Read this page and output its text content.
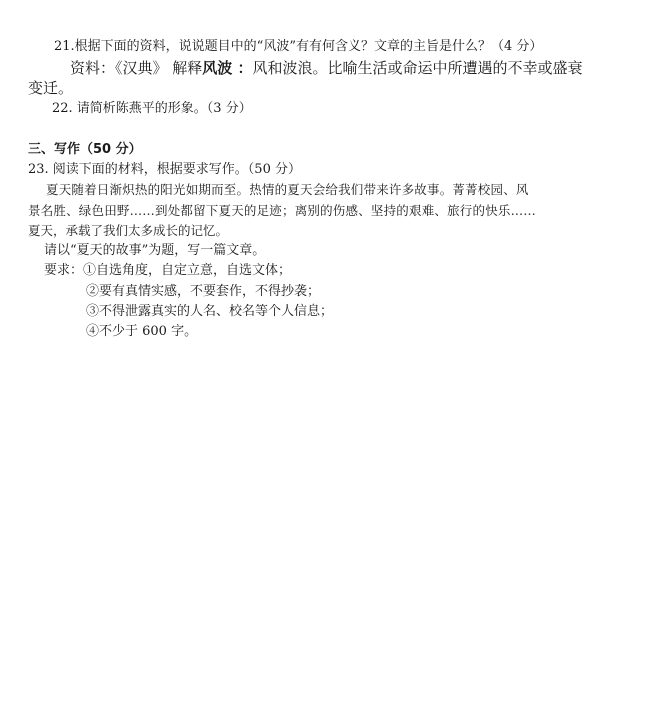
21.根据下面的资料，说说题目中的“风波”有有何含义？文章的主旨是什么？（4 分）
资料：《汉典》 解释风波 ：风和波浪。比喻生活或命运中所遭遇的不幸或盛衰
变迁。
22. 请简析陈燕平的形象。（3 分）
三、写作（50 分）
23. 阅读下面的材料，根据要求写作。（50 分）
夏天随着日渐炽热的阳光如期而至。热情的夏天会给我们带来许多故事。菁菁校园、风
景名胜、绿色田野……到处都留下夏天的足迹；离别的伤感、坚持的艰难、旅行的快乐……
夏天，承载了我们太多成长的记忆。
请以“夏天的故事”为题，写一篇文章。
要求：①自选角度，自定立意，自选文体；
②要有真情实感，不要套作，不得抄袭；
③不得泄露真实的人名、校名等个人信息；
④不少于 600 字。
